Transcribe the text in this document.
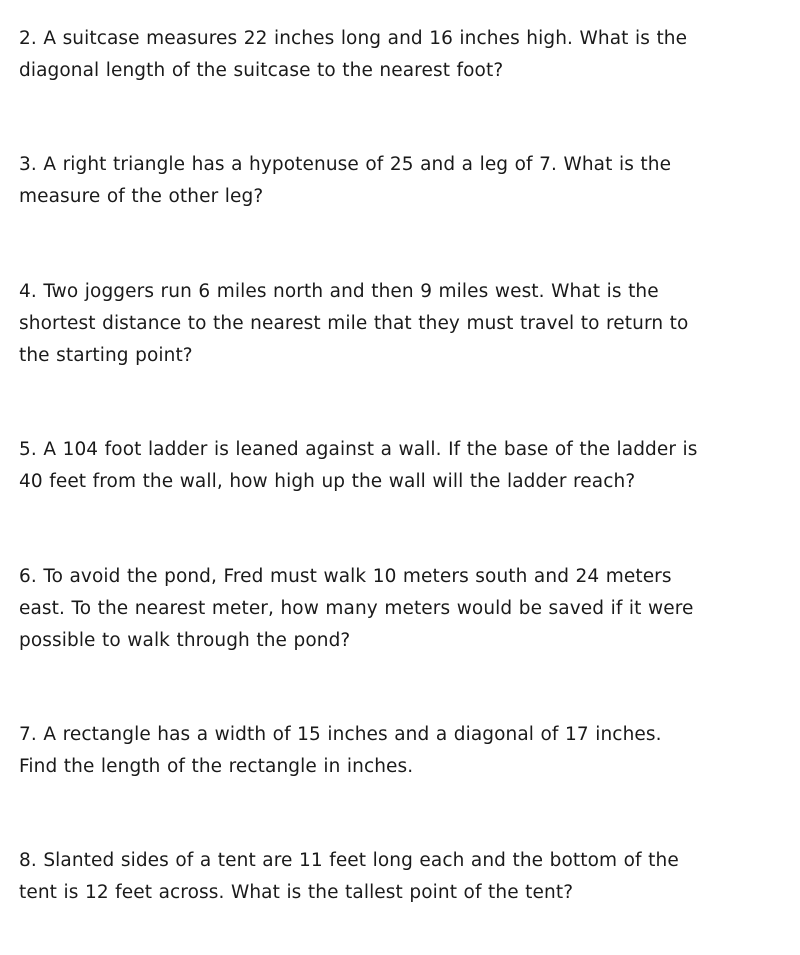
2. A suitcase measures 22 inches long and 16 inches high. What is the
diagonal length of the suitcase to the nearest foot?

3. A right triangle has a hypotenuse of 25 and a leg of 7. What is the
measure of the other leg?

4. Two joggers run 6 miles north and then 9 miles west. What is the
shortest distance to the nearest mile that they must travel to return to
the starting point?

5. A 104 foot ladder is leaned against a wall. If the base of the ladder is
40 feet from the wall, how high up the wall will the ladder reach?

6. To avoid the pond, Fred must walk 10 meters south and 24 meters
east. To the nearest meter, how many meters would be saved if it were
possible to walk through the pond?

7. A rectangle has a width of 15 inches and a diagonal of 17 inches.
Find the length of the rectangle in inches.

8. Slanted sides of a tent are 11 feet long each and the bottom of the
tent is 12 feet across. What is the tallest point of the tent?
